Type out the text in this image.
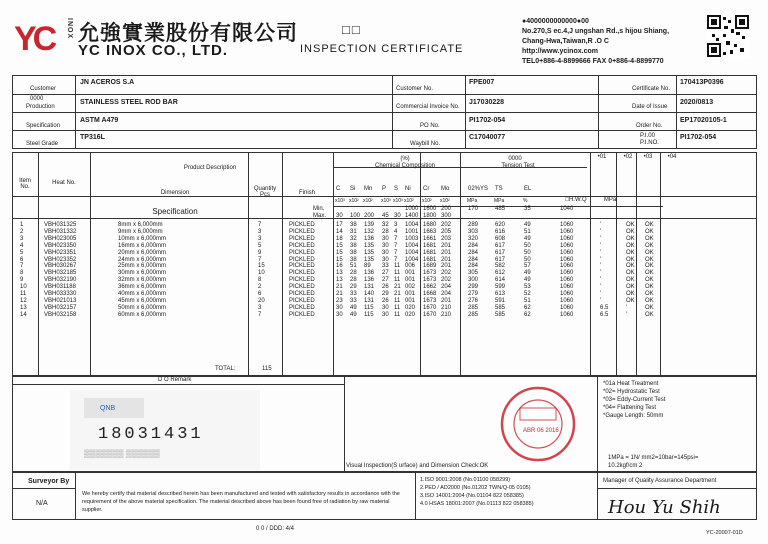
YC INOX 允強實業股份有限公司
YC INOX CO., LTD.
□□
INSPECTION CERTIFICATE
●4000000000000●00
No.270,S ec.4,J ungshan Rd.,s hijou Shiang,
Chang-Hwa,Taiwan,R .O C
http://www.ycinox.com
TEL0+886-4-8899666 FAX 0+886-4-8899770
Customer
JN ACEROS S.A
0000
Production
STAINLESS STEEL ROD BAR
Specification
ASTM A479
Steel Grade
TP316L
Customer No.
FPE007
Commercial Invoice No.
J17030228
PO No.
PI1702-054
Waybill No.
C17040077
Certificate No.
170413P0396
Date of Issue
2020/0813
Order No.
EP17020105-1
P.I.00
P.I.NO.
PI1702-054
Item No.
Heat No.
Product Description
Dimension
Quantity Pcs	Finish
(%)
Chemical Composition
0000
Tension Test
•01	•02	•03	•04
□H.W.Q	MPa
C Si Mn P S Ni Cr Mo	02%YS TS	EL
x10³ x10² x10² x10³ x10³ x10² x10² x10²	MPa	MPa	%
Specification	Min.
Max.
1000 1600 200	170	485	35	1040
30 100 200 45 30 1400 1800 300
1	VBH031325	8mm x 6,000mm	7	PICKLED	17 38 139 32 3 1004 1680 202	289	620	49	1060	'	OK OK
2	VBH031332	9mm x 6,000mm	3	PICKLED	14 31 132 28 4 1001 1663 205	303	616	51	1060	'	OK OK
3	VBH023005	10mm x 6,000mm	3	PICKLED	18 32 136 30 7 1003 1661 203	320	608	49	1060	'	OK OK
4	VBH023350	16mm x 6,000mm	5	PICKLED	15 38 135 30 7 1004 1681 201	284	617	50	1060	'	OK OK
5	VBH023351	20mm x 6,000mm	9	PICKLED	15 38 135 30 7 1004 1681 201	284	617	50	1060	'	OK OK
6	VBH023352	24mm x 6,000mm	7	PICKLED	15 38 135 30 7 1004 1681 201	284	617	50	1060	'	OK OK
7	VBH030267	25mm x 6,000mm	15	PICKLED	16 51 89 33 11 006 1689 201	284	582	57	1060	'	OK OK
8	VBH032185	30mm x 6,000mm	10	PICKLED	13 28 136 27 11 001 1673 202	305	612	49	1060	'	OK OK
9	VBH032190	32mm x 6,000mm	8	PICKLED	13 28 136 27 11 001 1673 202	300	614	49	1060	'	OK OK
10	VBH031188	36mm x 6,000mm	2	PICKLED	21 29 131 26 21 002 1662 204	299	599	53	1060	'	OK OK
11	VBH033330	40mm x 6,000mm	6	PICKLED	21 33 140 29 21 001 1668 204	279	613	52	1060	'	OK OK
12	VBH021013	45mm x 6,000mm	20	PICKLED	23 33 131 26 11 001 1673 201	276	591	51	1060	'	OK OK
13	VBH032157	50mm x 6,000mm	3	PICKLED	30 49 115 30 11 020 1670 210	285	585	62	1060	6.5	'	OK
14	VBH032158	60mm x 6,000mm	7	PICKLED	30 49 115 30 11 020 1670 210	285	585	62	1060	6.5	'	OK
TOTAL:	115
D O Remark
QNB
18031431
▒▒▒▒▒▒▒ ▒▒▒▒▒▒
Visual Inspection(S urface) and Dimension Check:OK
ABR 06 2016
*01a Heat Treatment
*02= Hydrostatic Test
*03= Eddy-Current Test
*04= Flattening Test
*Gauge Length: 50mm
1MPa = 1N/ mm2=10bar=145psi=
10.2kgf/cm 2
Surveyor By
N/A
We hereby certify that material described herein has been manufactured and tested with satisfactory results in accordance with the requirement of the above material specification. The material described above has been found free of radiation by raw material supplier.
1.ISO 9001:2008 (No.01100 058299)
2.PED / AD2000 (No.01202 TWN/Q-05 0105)
3.ISO 14001:2004 (No.01104 822 058385)
4.0 HSAS 18001:2007 (No.01113 822 058385)
Manager of Quality Assurance Department
Hou Yu Shih
0 0 / DDD: 4/4
YC-20007-01D
